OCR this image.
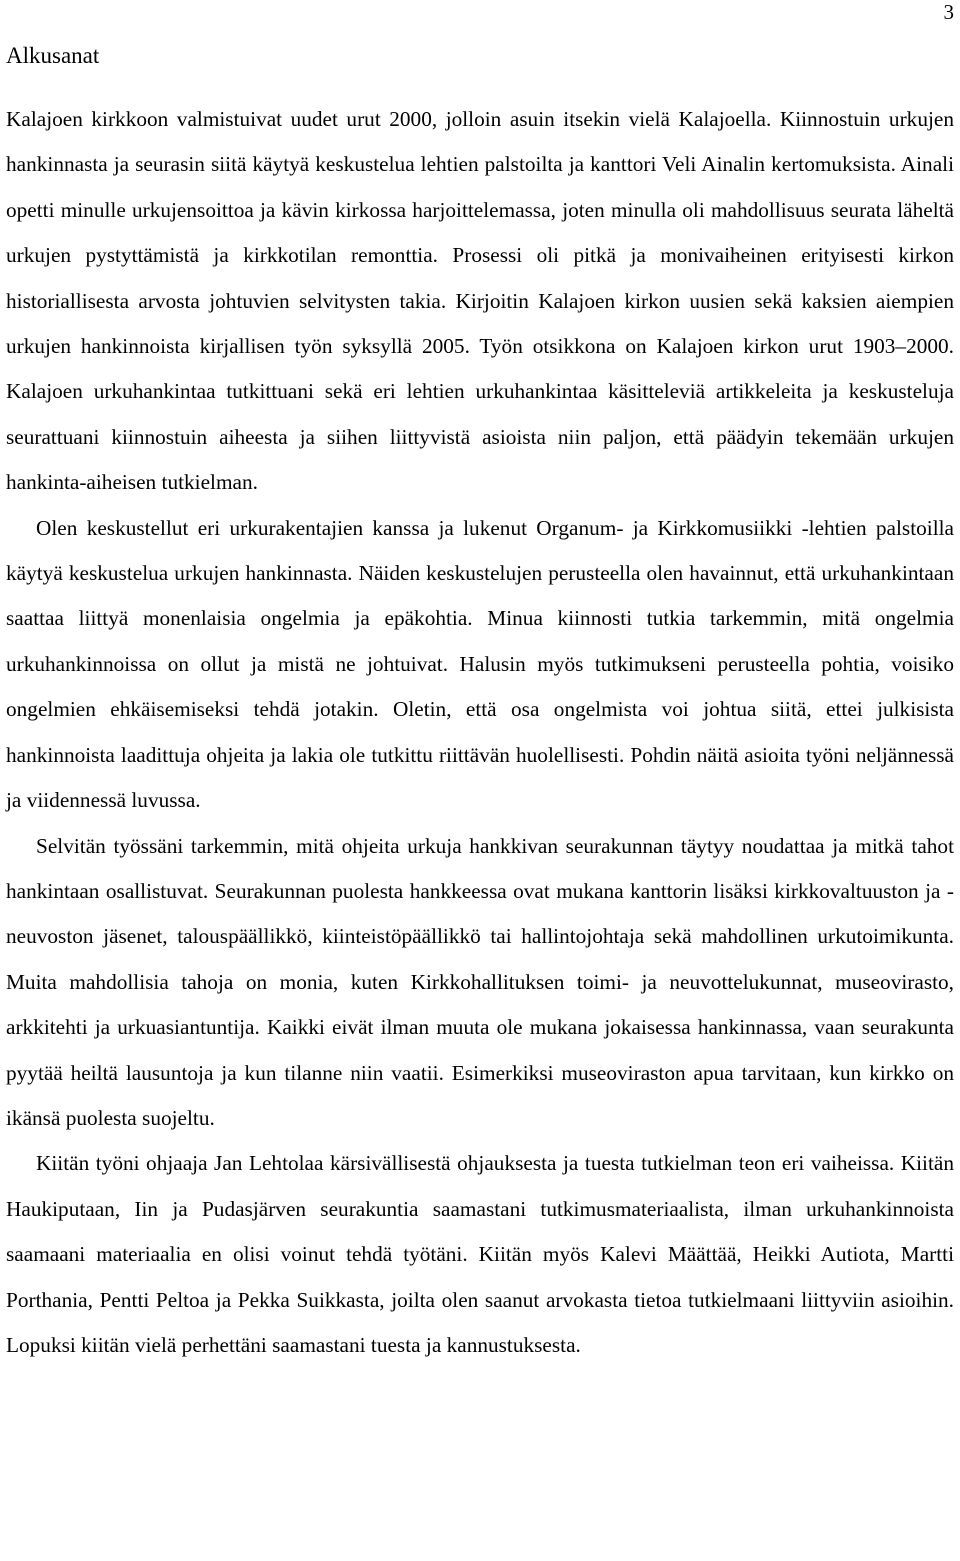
3
Alkusanat

Kalajoen kirkkoon valmistuivat uudet urut 2000, jolloin asuin itsekin vielä Kalajoella. Kiinnostuin urkujen hankinnasta ja seurasin siitä käytyä keskustelua lehtien palstoilta ja kanttori Veli Ainalin kertomuksista. Ainali opetti minulle urkujensoittoa ja kävin kirkossa harjoittelemassa, joten minulla oli mahdollisuus seurata läheltä urkujen pystyttämistä ja kirkkotilan remonttia. Prosessi oli pitkä ja monivaiheinen erityisesti kirkon historiallisesta arvosta johtuvien selvitysten takia. Kirjoitin Kalajoen kirkon uusien sekä kaksien aiempien urkujen hankinnoista kirjallisen työn syksyllä 2005. Työn otsikkona on Kalajoen kirkon urut 1903–2000. Kalajoen urkuhankintaa tutkittuani sekä eri lehtien urkuhankintaa käsitteleviä artikkeleita ja keskusteluja seurattuani kiinnostuin aiheesta ja siihen liittyvistä asioista niin paljon, että päädyin tekemään urkujen hankinta-aiheisen tutkielman.

Olen keskustellut eri urkurakentajien kanssa ja lukenut Organum- ja Kirkkomusiikki -lehtien palstoilla käytyä keskustelua urkujen hankinnasta. Näiden keskustelujen perusteella olen havainnut, että urkuhankintaan saattaa liittyä monenlaisia ongelmia ja epäkohtia. Minua kiinnosti tutkia tarkemmin, mitä ongelmia urkuhankinnoissa on ollut ja mistä ne johtuivat. Halusin myös tutkimukseni perusteella pohtia, voisiko ongelmien ehkäisemiseksi tehdä jotakin. Oletin, että osa ongelmista voi johtua siitä, ettei julkisista hankinnoista laadittuja ohjeita ja lakia ole tutkittu riittävän huolellisesti. Pohdin näitä asioita työni neljännessä ja viidennessä luvussa.

Selvitän työssäni tarkemmin, mitä ohjeita urkuja hankkivan seurakunnan täytyy noudattaa ja mitkä tahot hankintaan osallistuvat. Seurakunnan puolesta hankkeessa ovat mukana kanttorin lisäksi kirkkovaltuuston ja -neuvoston jäsenet, talouspäällikkö, kiinteistöpäällikkö tai hallintojohtaja sekä mahdollinen urkutoimikunta. Muita mahdollisia tahoja on monia, kuten Kirkkohallituksen toimi- ja neuvottelukunnat, museovirasto, arkkitehti ja urkuasiantuntija. Kaikki eivät ilman muuta ole mukana jokaisessa hankinnassa, vaan seurakunta pyytää heiltä lausuntoja ja kun tilanne niin vaatii. Esimerkiksi museoviraston apua tarvitaan, kun kirkko on ikänsä puolesta suojeltu.

Kiitän työni ohjaaja Jan Lehtolaa kärsivällisestä ohjauksesta ja tuesta tutkielman teon eri vaiheissa. Kiitän Haukiputaan, Iin ja Pudasjärven seurakuntia saamastani tutkimusmateriaalista, ilman urkuhankinnoista saamaani materiaalia en olisi voinut tehdä työtäni. Kiitän myös Kalevi Määttää, Heikki Autiota, Martti Porthania, Pentti Peltoa ja Pekka Suikkasta, joilta olen saanut arvokasta tietoa tutkielmaani liittyviin asioihin. Lopuksi kiitän vielä perhettäni saamastani tuesta ja kannustuksesta.
